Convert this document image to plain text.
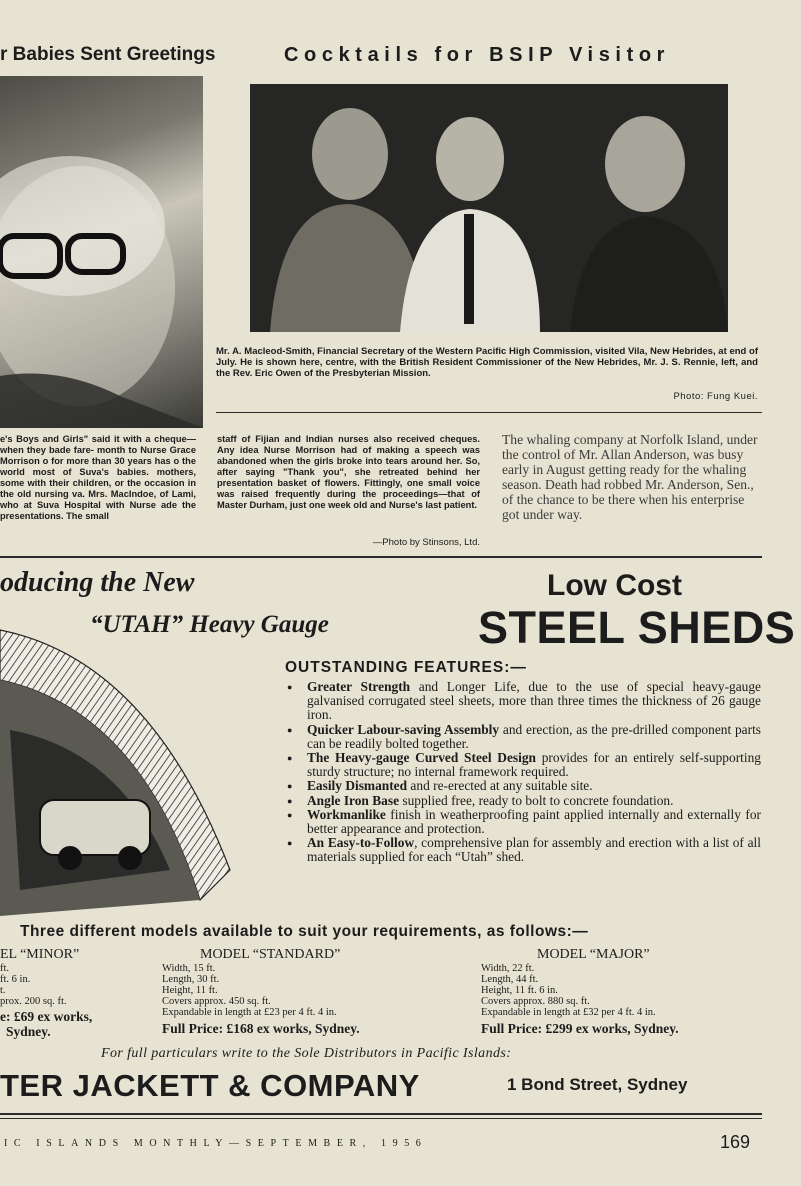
r Babies Sent Greetings	Cocktails for BSIP Visitor
Mr. A. Macleod-Smith, Financial Secretary of the Western Pacific High Commission, visited Vila, New Hebrides, at end of July. He is shown here, centre, with the British Resident Commissioner of the New Hebrides, Mr. J. S. Rennie, left, and the Rev. Eric Owen of the Presbyterian Mission.
Photo: Fung Kuei.
e's Boys and Girls" said it with a cheque—when they bade fare- month to Nurse Grace Morrison o for more than 30 years has o the world most of Suva's babies. mothers, some with their children, or the occasion in the old nursing va. Mrs. MacIndoe, of Lami, who at Suva Hospital with Nurse ade the presentations. The small
staff of Fijian and Indian nurses also received cheques. Any idea Nurse Morrison had of making a speech was abandoned when the girls broke into tears around her. So, after saying "Thank you", she retreated behind her presentation basket of flowers. Fittingly, one small voice was raised frequently during the proceedings—that of Master Durham, just one week old and Nurse's last patient.
—Photo by Stinsons, Ltd.
The whaling company at Norfolk Island, under the control of Mr. Allan Anderson, was busy early in August getting ready for the whaling season. Death had robbed Mr. Anderson, Sen., of the chance to be there when his enterprise got under way.
oducing the New
“UTAH” Heavy Gauge
Low Cost
STEEL SHEDS
OUTSTANDING FEATURES:—
● Greater Strength and Longer Life, due to the use of special heavy-gauge galvanised corrugated steel sheets, more than three times the thickness of 26 gauge iron.
● Quicker Labour-saving Assembly and erection, as the pre-drilled component parts can be readily bolted together.
● The Heavy-gauge Curved Steel Design provides for an entirely self-supporting sturdy structure; no internal framework required.
● Easily Dismanted and re-erected at any suitable site.
● Angle Iron Base supplied free, ready to bolt to concrete foundation.
● Workmanlike finish in weatherproofing paint applied internally and externally for better appearance and protection.
● An Easy-to-Follow, comprehensive plan for assembly and erection with a list of all materials supplied for each “Utah” shed.
Three different models available to suit your requirements, as follows:—
EL “MINOR”
ft.
ft. 6 in.
t.
prox. 200 sq. ft.
e: £69 ex works,
Sydney.
MODEL “STANDARD”
Width, 15 ft.
Length, 30 ft.
Height, 11 ft.
Covers approx. 450 sq. ft.
Expandable in length at £23 per 4 ft. 4 in.
Full Price: £168 ex works, Sydney.
MODEL “MAJOR”
Width, 22 ft.
Length, 44 ft.
Height, 11 ft. 6 in.
Covers approx. 880 sq. ft.
Expandable in length at £32 per 4 ft. 4 in.
Full Price: £299 ex works, Sydney.
For full particulars write to the Sole Distributors in Pacific Islands:
TER JACKETT & COMPANY	1 Bond Street, Sydney
IC ISLANDS MONTHLY—SEPTEMBER, 1956	169
